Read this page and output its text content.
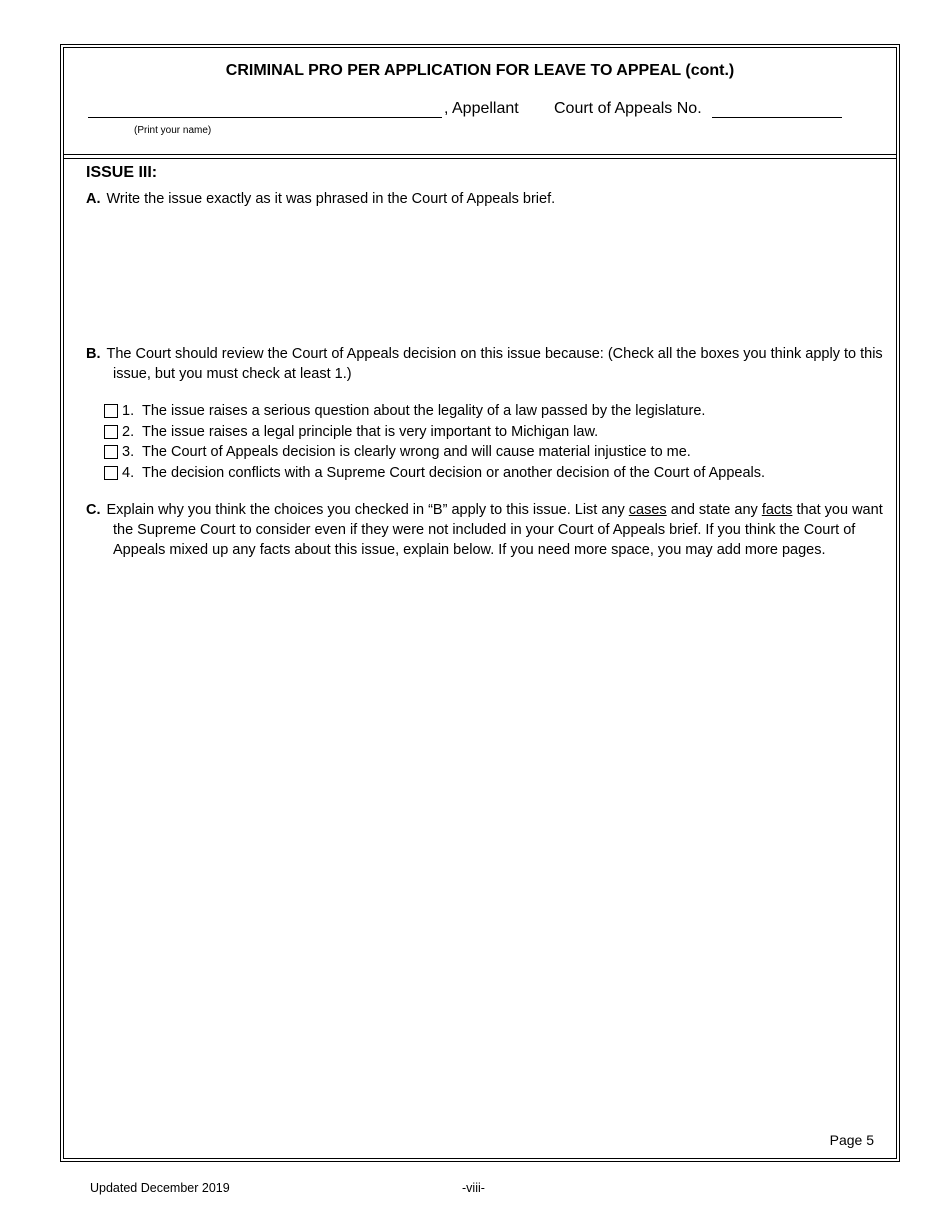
CRIMINAL PRO PER APPLICATION FOR LEAVE TO APPEAL (cont.)
, Appellant Court of Appeals No.
(Print your name)
ISSUE III:
A. Write the issue exactly as it was phrased in the Court of Appeals brief.
B. The Court should review the Court of Appeals decision on this issue because: (Check all the boxes you think apply to this issue, but you must check at least 1.)
1. The issue raises a serious question about the legality of a law passed by the legislature.
2. The issue raises a legal principle that is very important to Michigan law.
3. The Court of Appeals decision is clearly wrong and will cause material injustice to me.
4. The decision conflicts with a Supreme Court decision or another decision of the Court of Appeals.
C. Explain why you think the choices you checked in “B” apply to this issue. List any cases and state any facts that you want the Supreme Court to consider even if they were not included in your Court of Appeals brief. If you think the Court of Appeals mixed up any facts about this issue, explain below. If you need more space, you may add more pages.
Page 5
Updated December 2019	-viii-
